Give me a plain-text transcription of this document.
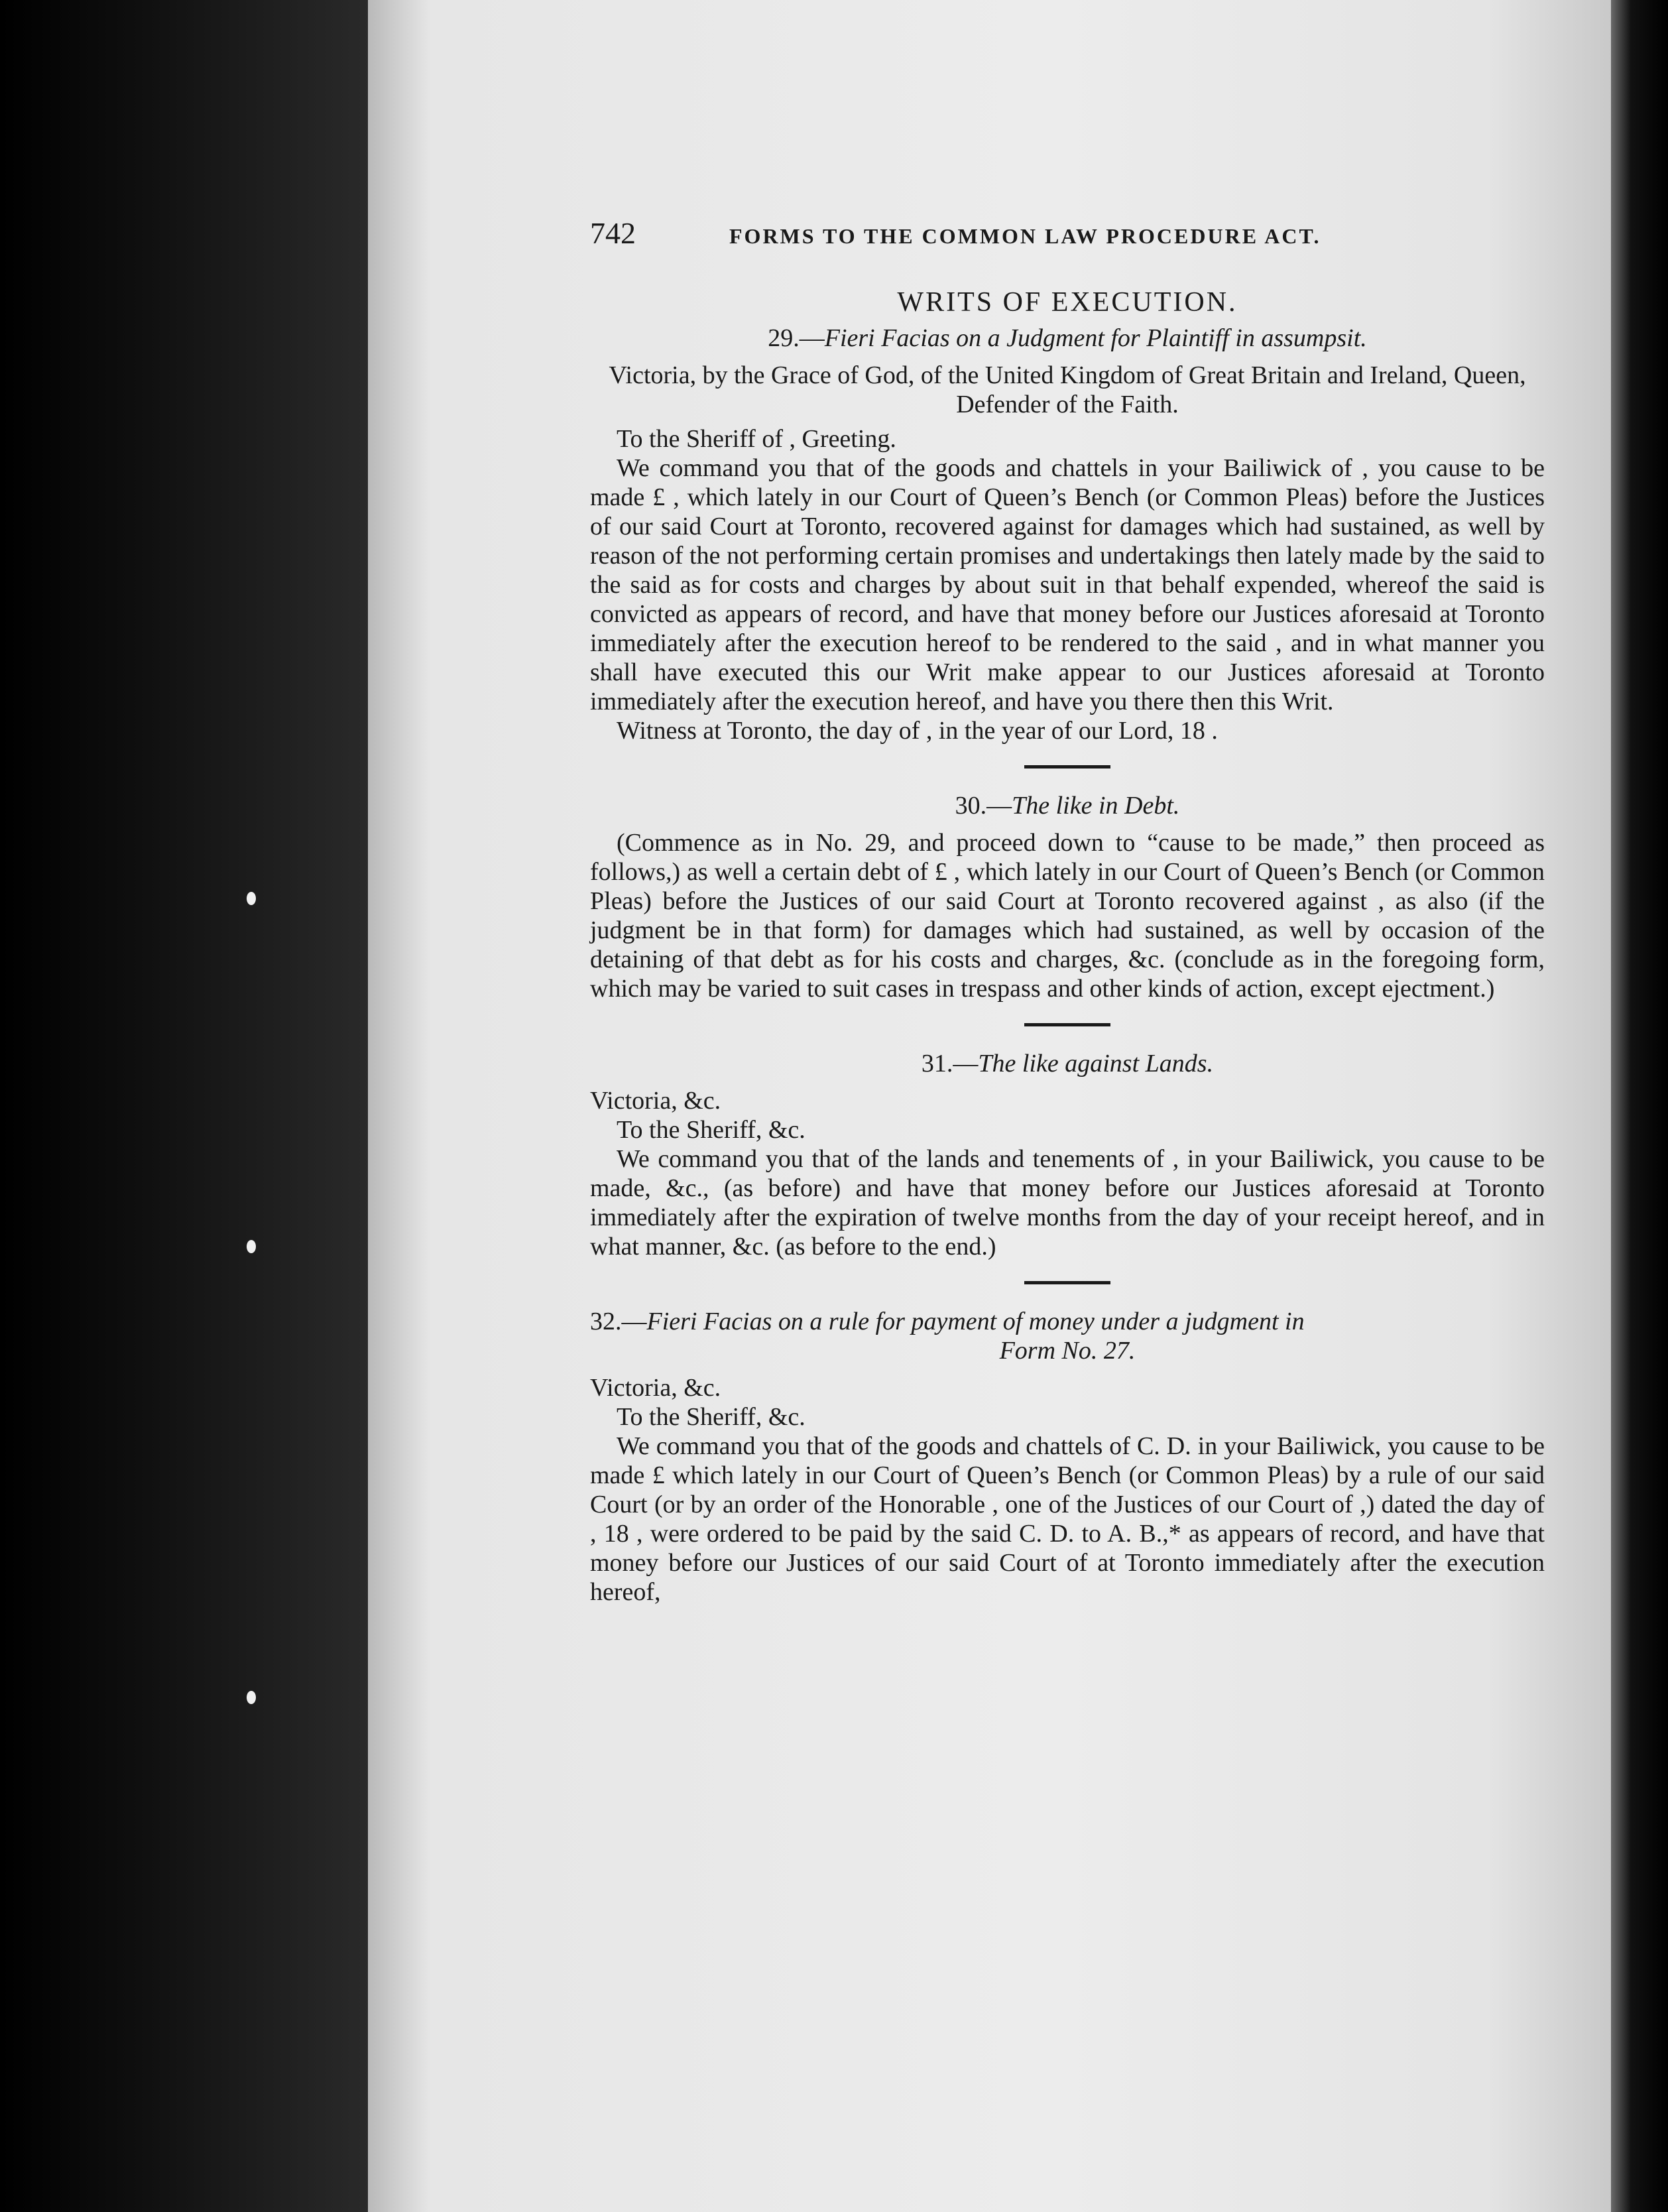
742	FORMS TO THE COMMON LAW PROCEDURE ACT.
WRITS OF EXECUTION.
29.—Fieri Facias on a Judgment for Plaintiff in assumpsit.

Victoria, by the Grace of God, of the United Kingdom of Great Britain and Ireland, Queen, Defender of the Faith.

To the Sheriff of , Greeting.

We command you that of the goods and chattels in your Bailiwick of , you cause to be made £ , which lately in our Court of Queen’s Bench (or Common Pleas) before the Justices of our said Court at Toronto, recovered against for damages which had sustained, as well by reason of the not performing certain promises and undertakings then lately made by the said to the said as for costs and charges by about suit in that behalf expended, whereof the said is convicted as appears of record, and have that money before our Justices aforesaid at Toronto immediately after the execution hereof to be rendered to the said , and in what manner you shall have executed this our Writ make appear to our Justices aforesaid at Toronto immediately after the execution hereof, and have you there then this Writ.

Witness at Toronto, the day of , in the year of our Lord, 18 .

30.—The like in Debt.

(Commence as in No. 29, and proceed down to “cause to be made,” then proceed as follows,) as well a certain debt of £ , which lately in our Court of Queen’s Bench (or Common Pleas) before the Justices of our said Court at Toronto recovered against , as also (if the judgment be in that form) for damages which had sustained, as well by occasion of the detaining of that debt as for his costs and charges, &c. (conclude as in the foregoing form, which may be varied to suit cases in trespass and other kinds of action, except ejectment.)

31.—The like against Lands.

Victoria, &c.

To the Sheriff, &c.

We command you that of the lands and tenements of , in your Bailiwick, you cause to be made, &c., (as before) and have that money before our Justices aforesaid at Toronto immediately after the expiration of twelve months from the day of your receipt hereof, and in what manner, &c. (as before to the end.)

32.—Fieri Facias on a rule for payment of money under a judgment in
Form No. 27.

Victoria, &c.

To the Sheriff, &c.

We command you that of the goods and chattels of C. D. in your Bailiwick, you cause to be made £ which lately in our Court of Queen’s Bench (or Common Pleas) by a rule of our said Court (or by an order of the Honorable , one of the Justices of our Court of ,) dated the day of , 18 , were ordered to be paid by the said C. D. to A. B.,* as appears of record, and have that money before our Justices of our said Court of at Toronto immediately after the execution hereof,
